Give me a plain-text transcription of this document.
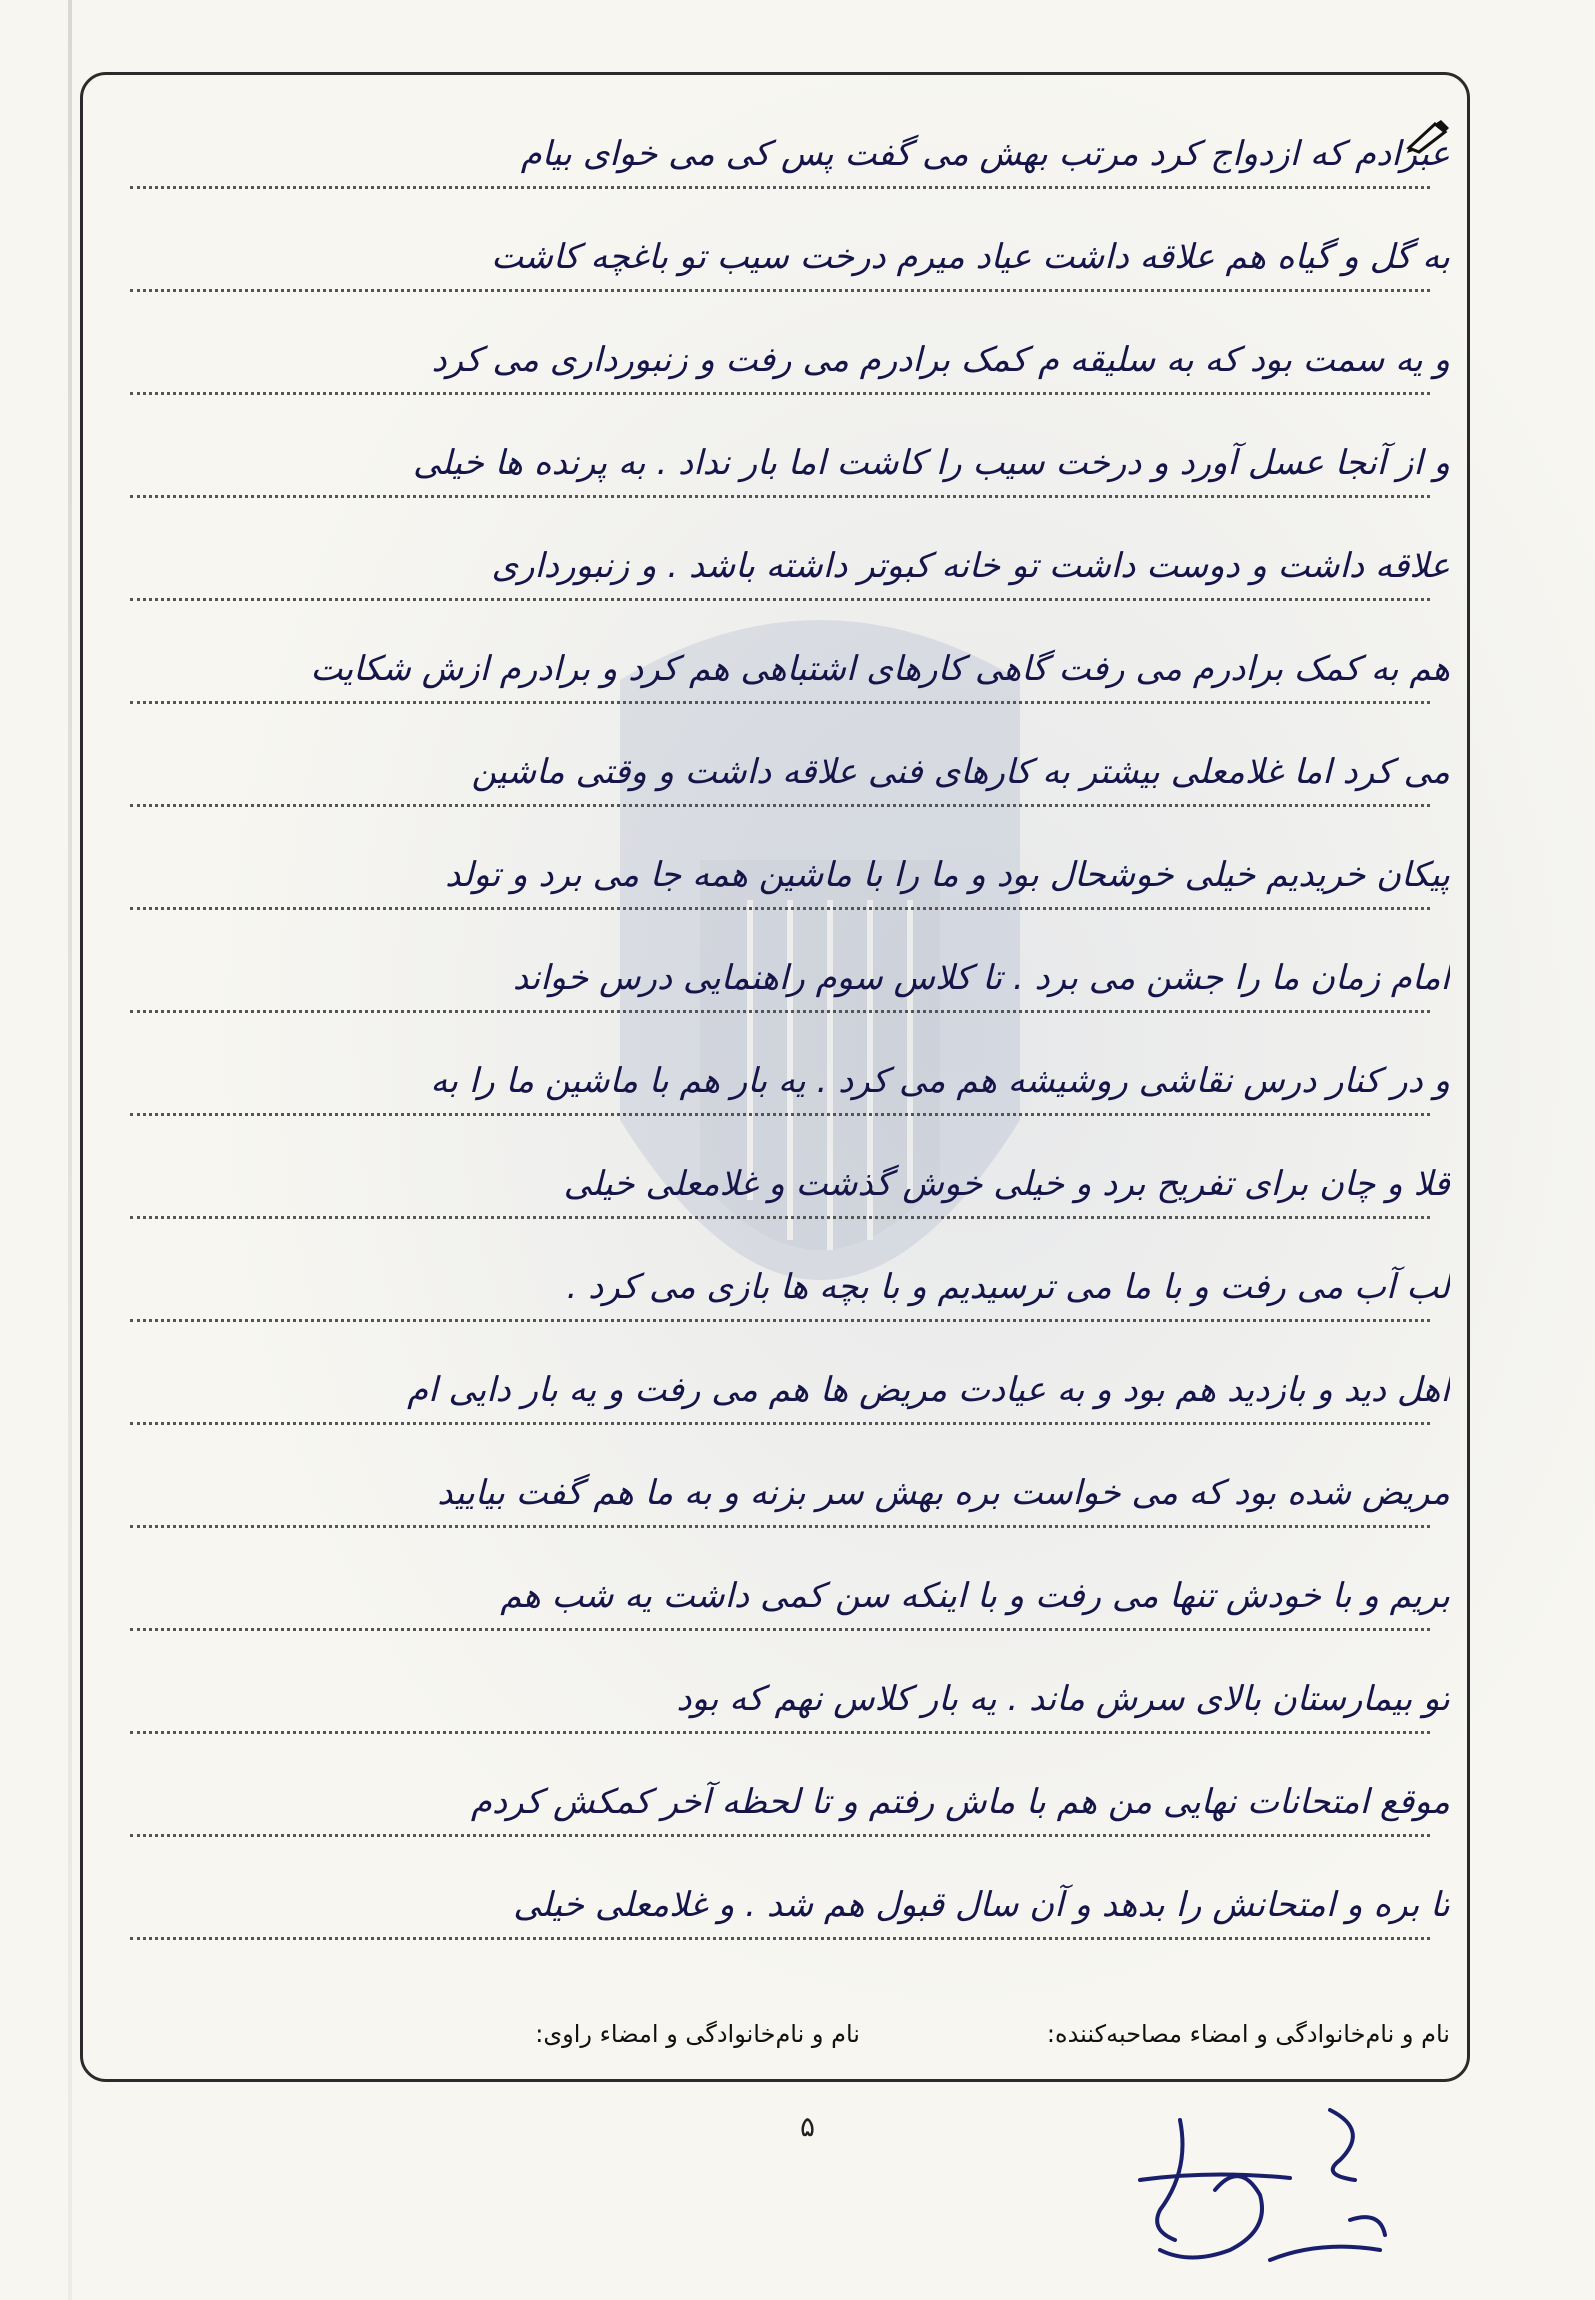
عبرادم که ازدواج کرد مرتب بهش می گفت پس کی می خوای بیام
به گل و گیاه هم علاقه داشت عیاد میرم درخت سیب تو باغچه کاشت
و یه سمت بود که به سلیقه م کمک برادرم می رفت و زنبورداری می کرد
و از آنجا عسل آورد و درخت سیب را کاشت اما بار نداد . به پرنده ها خیلی
علاقه داشت و دوست داشت تو خانه کبوتر داشته باشد . و زنبورداری
هم به کمک برادرم می رفت گاهی کارهای اشتباهی هم کرد و برادرم ازش شکایت
می کرد اما غلامعلی بیشتر به کارهای فنی علاقه داشت و وقتی ماشین
پیکان خریدیم خیلی خوشحال بود و ما را با ماشین همه جا می برد و تولد
امام زمان ما را جشن می برد . تا کلاس سوم راهنمایی درس خواند
و در کنار درس نقاشی روشیشه هم می کرد . یه بار هم با ماشین ما را به
قلا و چان برای تفریح برد و خیلی خوش گذشت و غلامعلی خیلی
لب آب می رفت و با ما می ترسیدیم و با بچه ها بازی می کرد .
اهل دید و بازدید هم بود و به عیادت مریض ها هم می رفت و یه بار دایی ام
مریض شده بود که می خواست بره بهش سر بزنه و به ما هم گفت بیایید
بریم و با خودش تنها می رفت و با اینکه سن کمی داشت یه شب هم
تو بیمارستان بالای سرش ماند . یه بار کلاس نهم که بود
موقع امتحانات نهایی من هم با ماش رفتم و تا لحظه آخر کمکش کردم
تا بره و امتحانش را بدهد و آن سال قبول هم شد . و غلامعلی خیلی
نام و نام‌خانوادگی و امضاء مصاحبه‌کننده:
نام و نام‌خانوادگی و امضاء راوی:
۵
